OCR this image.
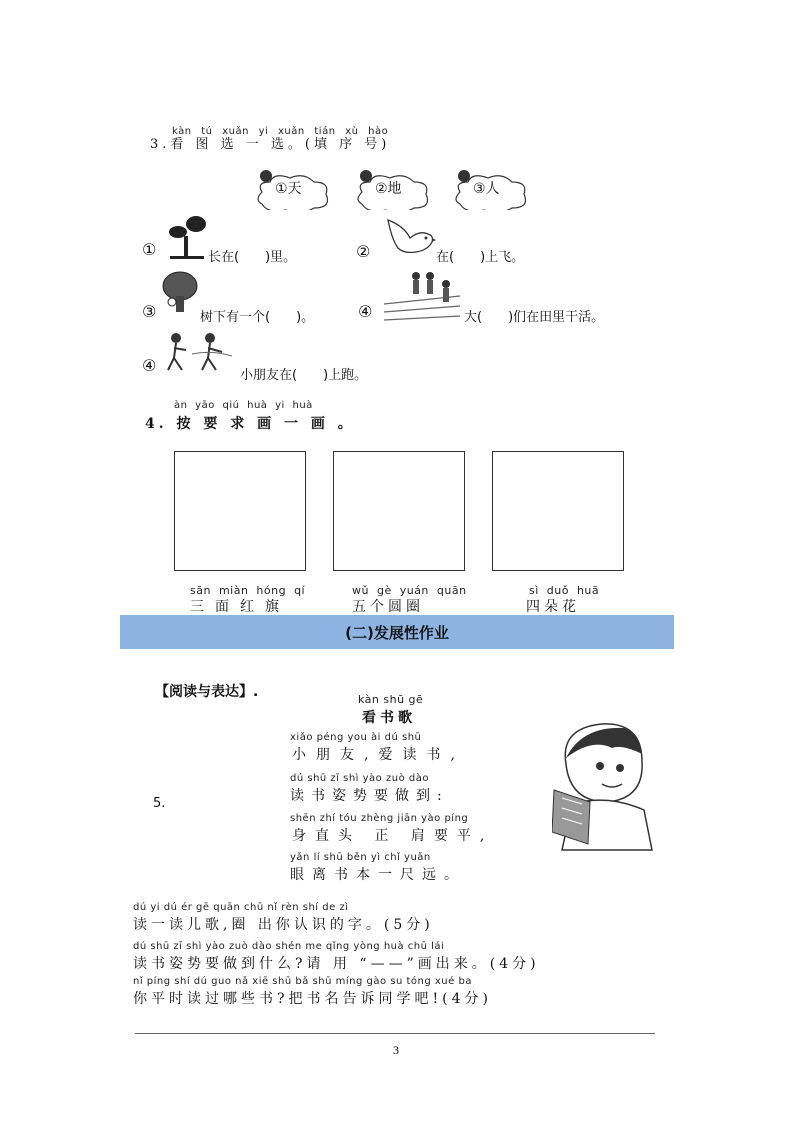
kàn tú xuǎn yi xuǎn tián xù hào
3.看 图 选 一 选。(填 序 号)
①天	②地	③人
①	长在(　　)里。	②	在(　　)上飞。
③	树下有一个(　　)。	④	大(　　)们在田里干活。
④
小朋友在(　　)上跑。
àn yāo qiú huà yi huà
4. 按 要 求 画 一 画 。
sān miàn hóng qí
三面红旗
wǔ gè yuán quān
五个圆圈
sì duǒ huā
四朵花
(二)发展性作业
【阅读与表达】.	kàn shū gē
看书歌
5.
xiǎo péng you ài dú shū
小朋友,爱读书,
dú shū zī shì yào zuò dào
读书姿势要做到:
shēn zhí tóu zhèng jiān yào píng
身直头 正 肩要平,
yǎn lí shū běn yì chǐ yuǎn
眼离书本一尺远。
dú yi dú ér gē quān chū nǐ rèn shí de zì
读一读儿歌,圈 出你认识的字。(5分)
dú shū zī shì yào zuò dào shén me qǐng yòng huà chū lái
读书姿势要做到什么?请 用 “——”画出来。(4分)
nǐ píng shí dú guo nǎ xiē shū bǎ shū míng gào su tóng xué ba
你平时读过哪些书?把书名告诉同学吧!(4分)
3
